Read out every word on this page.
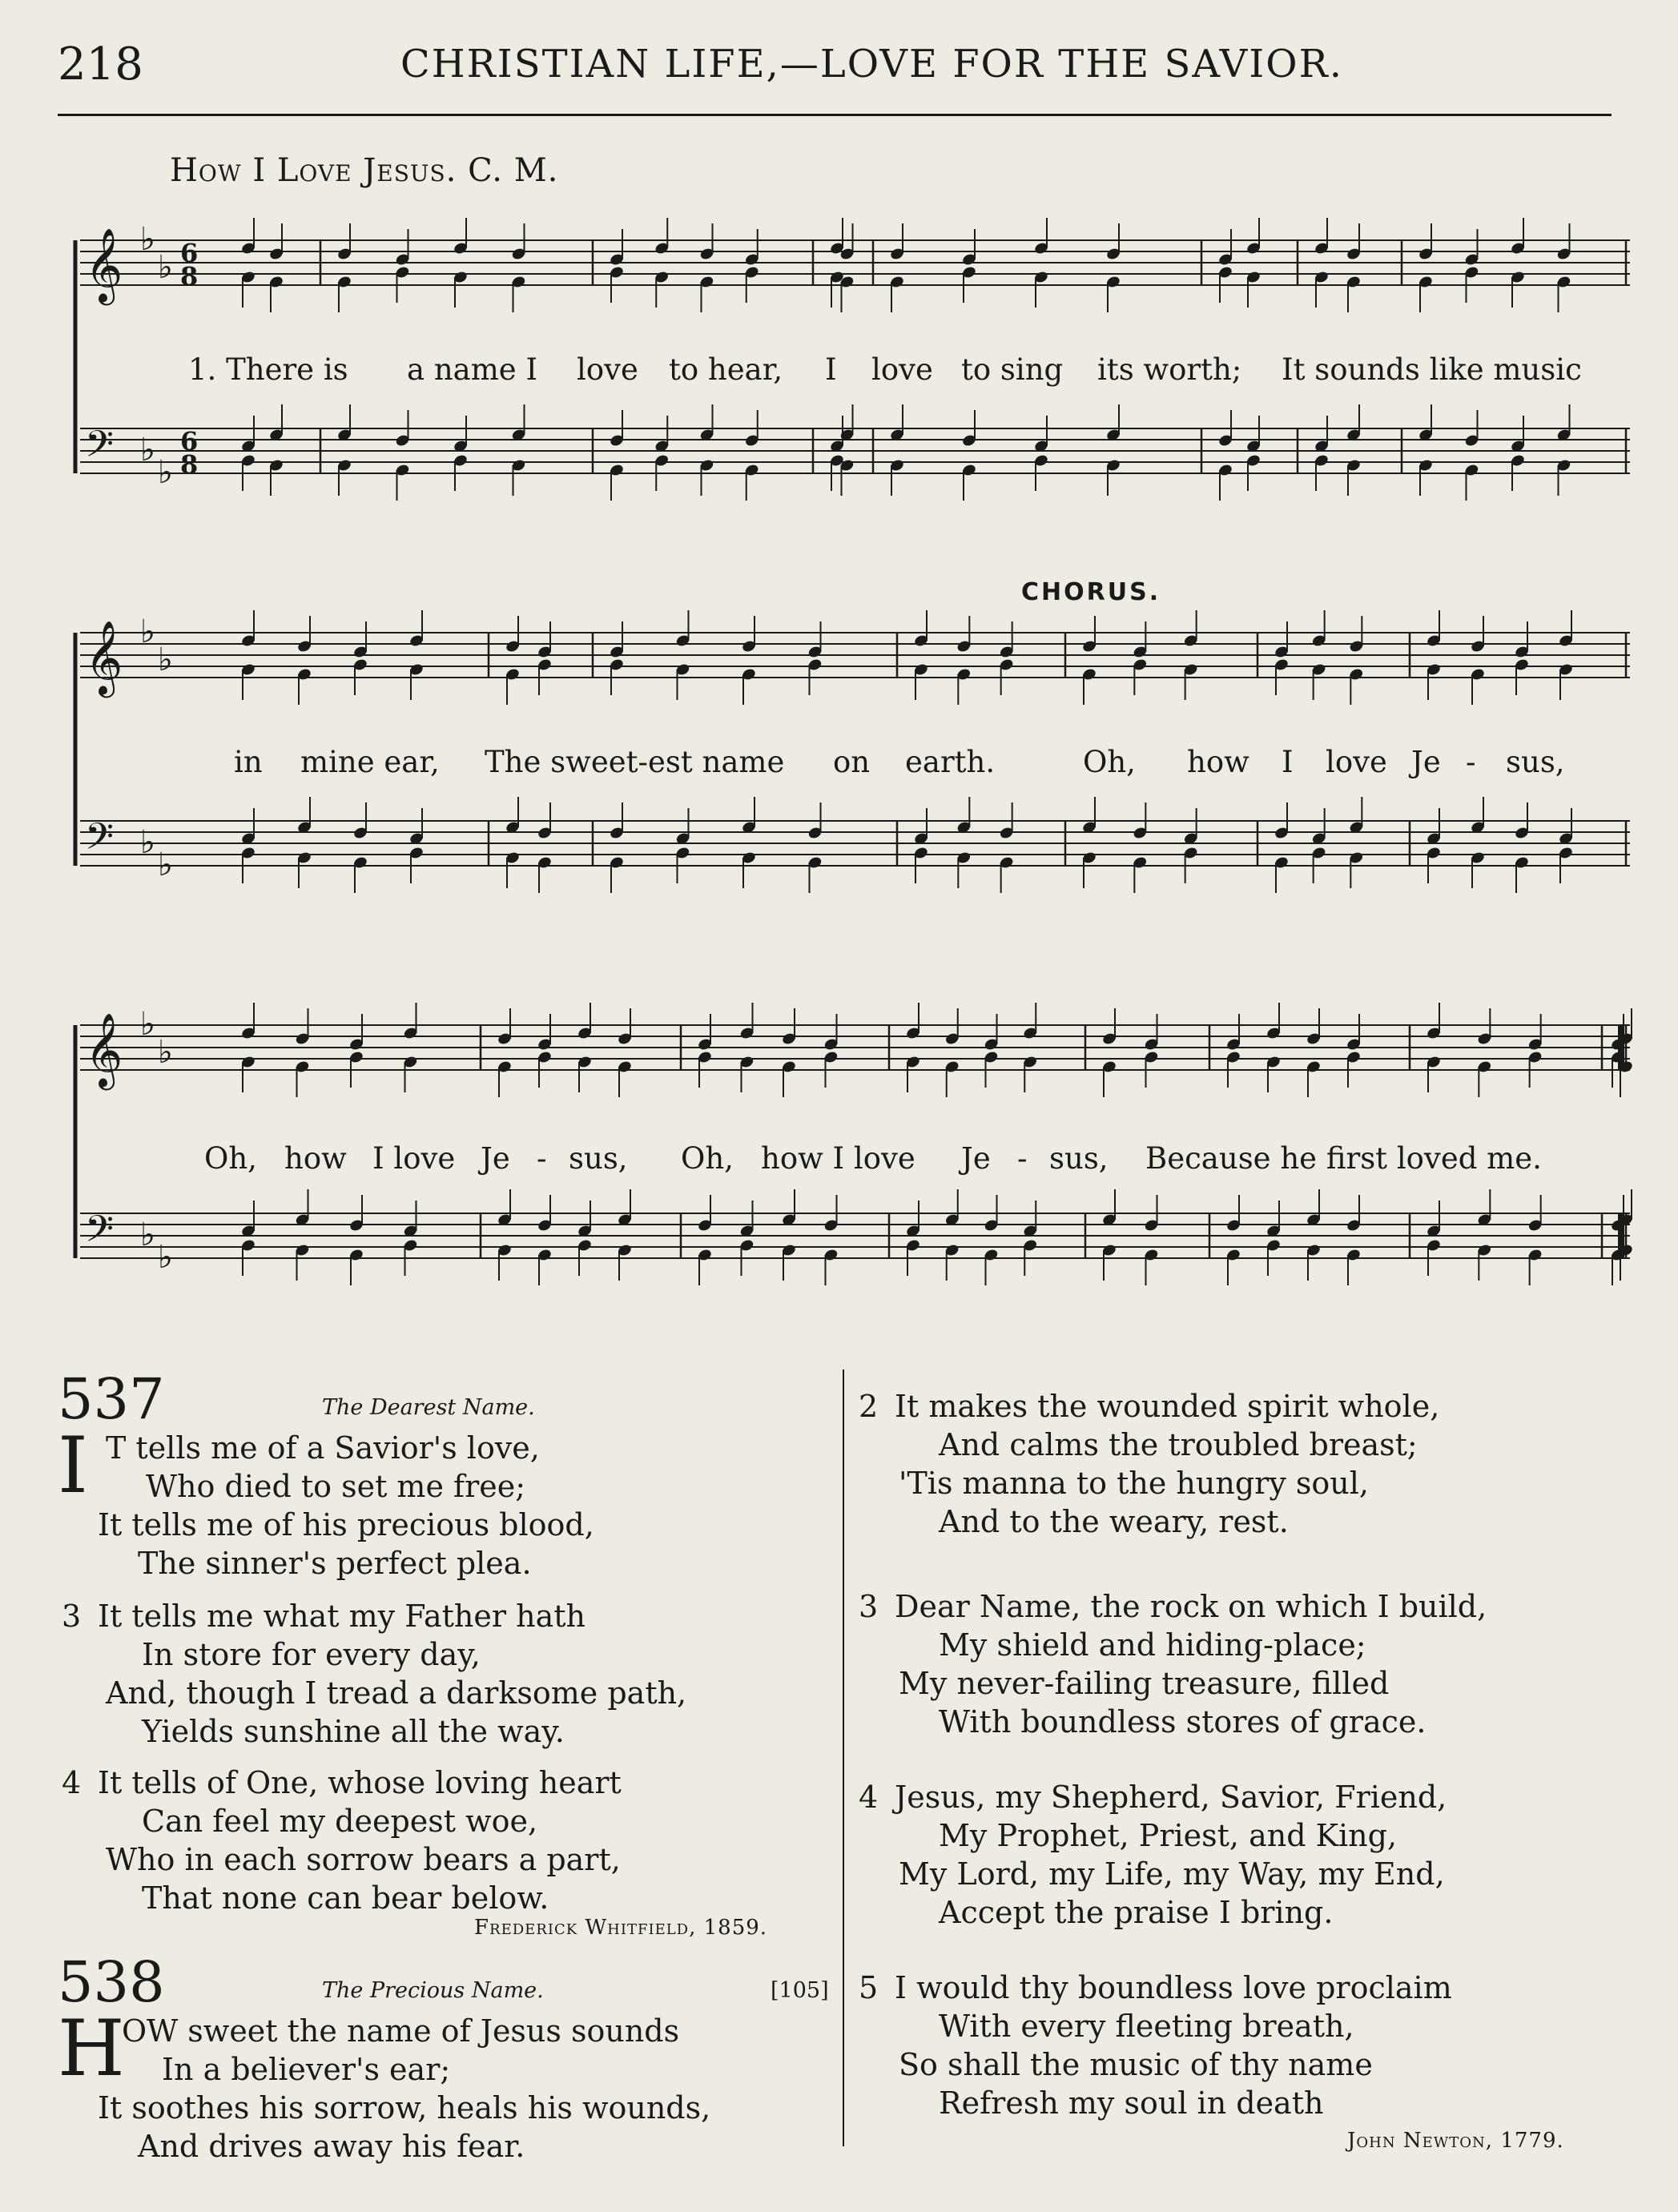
218	CHRISTIAN LIFE,—LOVE FOR THE SAVIOR.
How I Love Jesus. C. M.
𝄞
𝄢
♭
♭
♭
♭
6
8
6
8
1. There is a name I love to hear, I love to sing its worth; It sounds like music
CHORUS.
𝄞
𝄢
♭
♭
♭
♭
in mine ear, The sweet-est name on earth.	Oh, how I love Je - sus,
𝄞
𝄢
♭
♭
♭
♭
Oh, how I love Je - sus, Oh, how I love Je - sus, Because he first loved me.
537	The Dearest Name.
I T tells me of a Savior's love,
Who died to set me free;
It tells me of his precious blood,
The sinner's perfect plea.
3 It tells me what my Father hath
In store for every day,
And, though I tread a darksome path,
Yields sunshine all the way.
4 It tells of One, whose loving heart
Can feel my deepest woe,
Who in each sorrow bears a part,
That none can bear below.
Frederick Whitfield, 1859.
538	The Precious Name.	[105]
H
OW sweet the name of Jesus sounds
In a believer's ear;
It soothes his sorrow, heals his wounds,
And drives away his fear.
2 It makes the wounded spirit whole,
And calms the troubled breast;
'Tis manna to the hungry soul,
And to the weary, rest.
3 Dear Name, the rock on which I build,
My shield and hiding-place;
My never-failing treasure, filled
With boundless stores of grace.
4 Jesus, my Shepherd, Savior, Friend,
My Prophet, Priest, and King,
My Lord, my Life, my Way, my End,
Accept the praise I bring.
5 I would thy boundless love proclaim
With every fleeting breath,
So shall the music of thy name
Refresh my soul in death
John Newton, 1779.
